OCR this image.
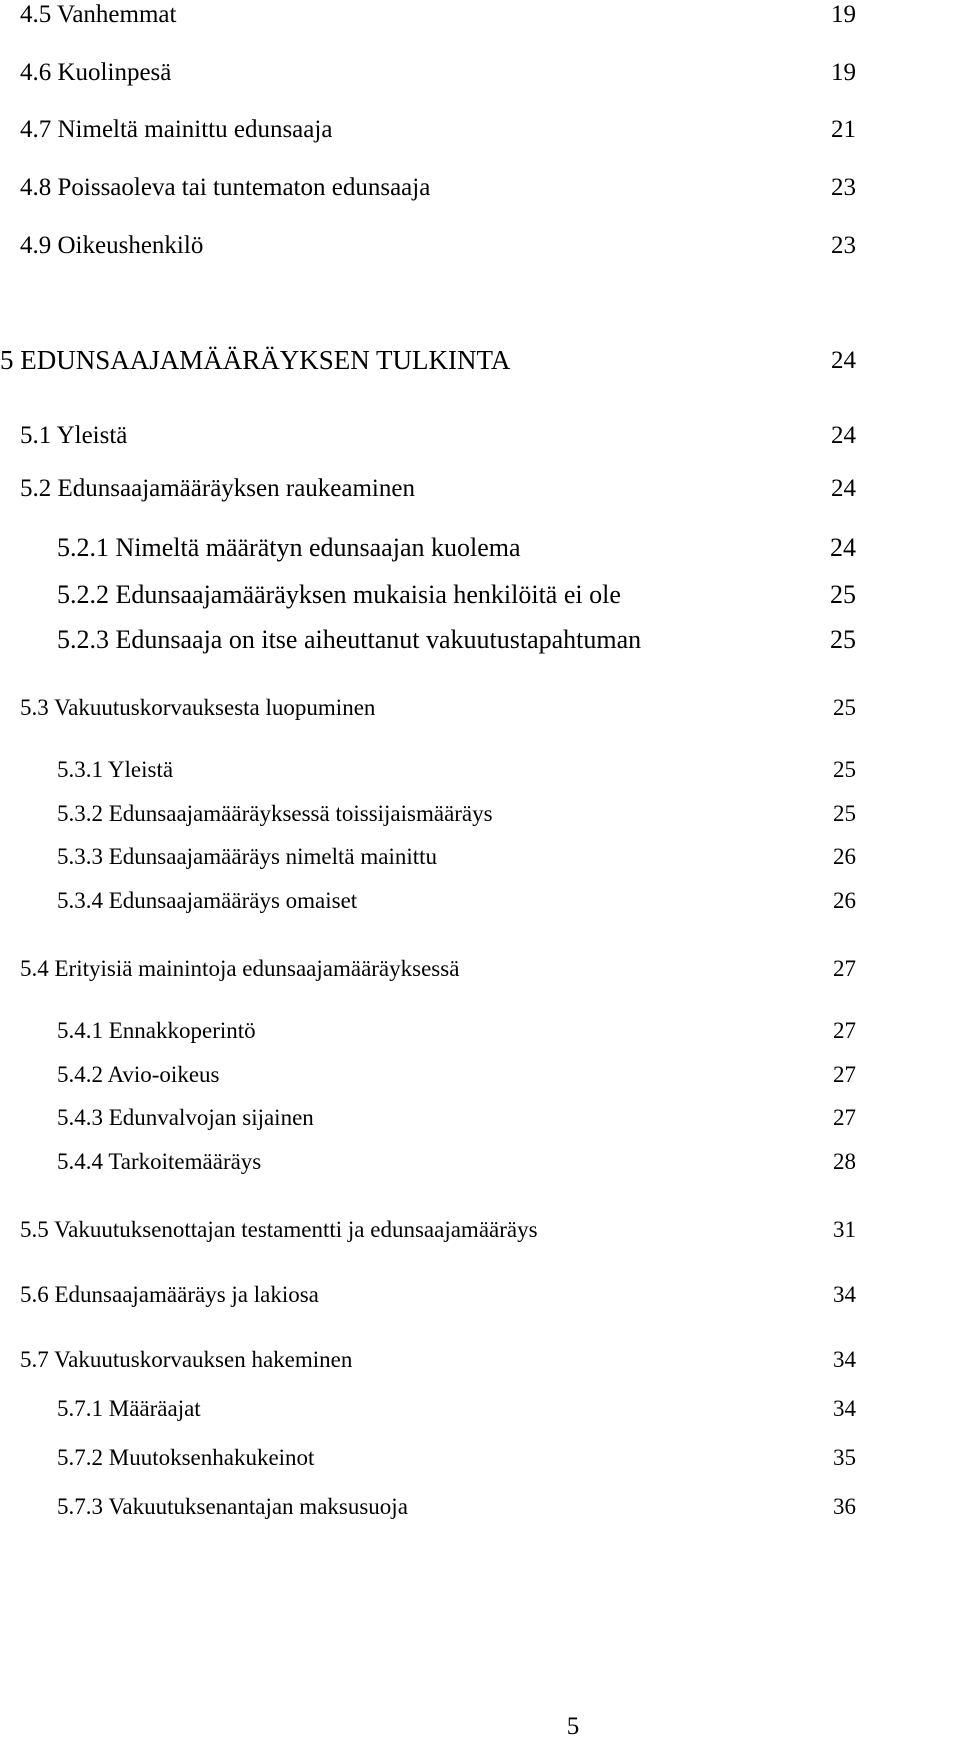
4.5 Vanhemmat	19
4.6 Kuolinpesä	19
4.7 Nimeltä mainittu edunsaaja	21
4.8 Poissaoleva tai tuntematon edunsaaja	23
4.9 Oikeushenkilö	23
5 EDUNSAAJAMÄÄRÄYKSEN TULKINTA	24
5.1 Yleistä	24
5.2 Edunsaajamääräyksen raukeaminen	24
5.2.1 Nimeltä määrätyn edunsaajan kuolema	24
5.2.2 Edunsaajamääräyksen mukaisia henkilöitä ei ole	25
5.2.3 Edunsaaja on itse aiheuttanut vakuutustapahtuman	25
5.3 Vakuutuskorvauksesta luopuminen	25
5.3.1 Yleistä	25
5.3.2 Edunsaajamääräyksessä toissijaismääräys	25
5.3.3 Edunsaajamääräys nimeltä mainittu	26
5.3.4 Edunsaajamääräys omaiset	26
5.4 Erityisiä mainintoja edunsaajamääräyksessä	27
5.4.1 Ennakkoperintö	27
5.4.2 Avio-oikeus	27
5.4.3 Edunvalvojan sijainen	27
5.4.4 Tarkoitemääräys	28
5.5 Vakuutuksenottajan testamentti ja edunsaajamääräys	31
5.6 Edunsaajamääräys ja lakiosa	34
5.7 Vakuutuskorvauksen hakeminen	34
5.7.1 Määräajat	34
5.7.2 Muutoksenhakukeinot	35
5.7.3 Vakuutuksenantajan maksusuoja	36
5
